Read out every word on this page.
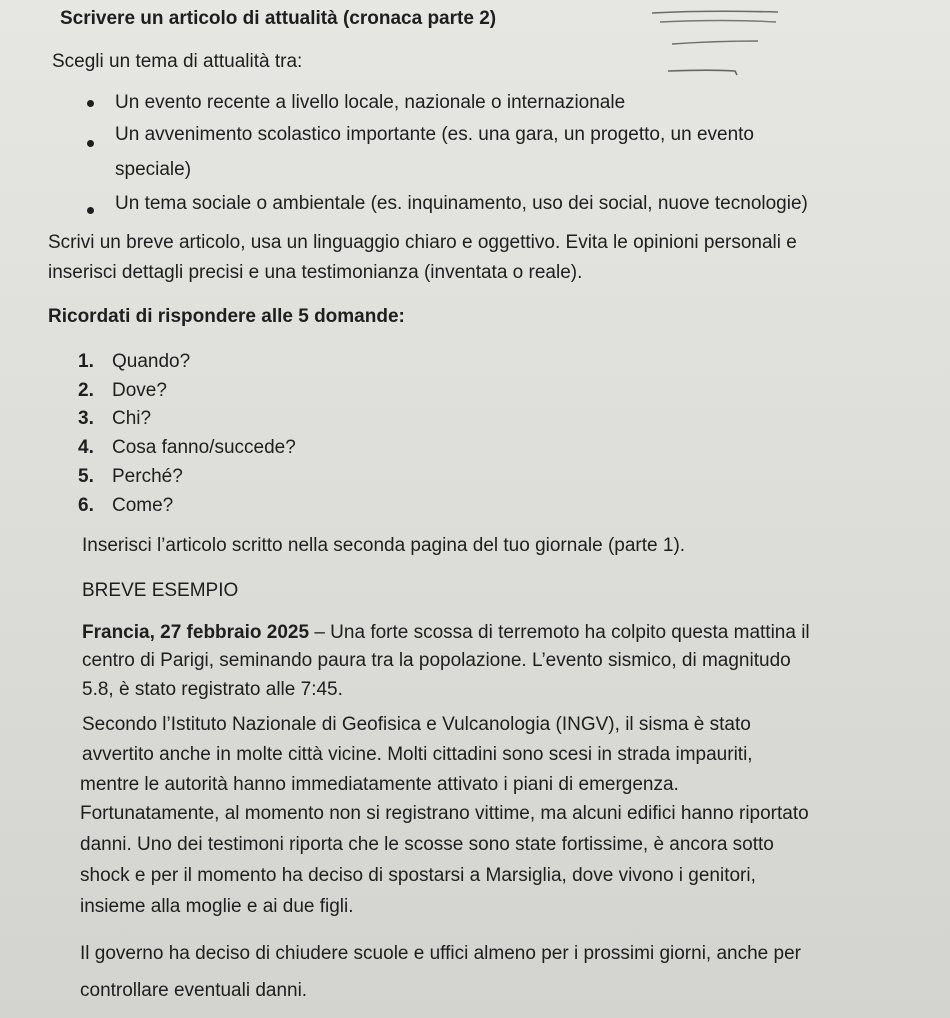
Scrivere un articolo di attualità (cronaca parte 2)
Scegli un tema di attualità tra:
Un evento recente a livello locale, nazionale o internazionale
Un avvenimento scolastico importante (es. una gara, un progetto, un evento
speciale)
Un tema sociale o ambientale (es. inquinamento, uso dei social, nuove tecnologie)
Scrivi un breve articolo, usa un linguaggio chiaro e oggettivo. Evita le opinioni personali e
inserisci dettagli precisi e una testimonianza (inventata o reale).
Ricordati di rispondere alle 5 domande:
1. Quando?
2. Dove?
3. Chi?
4. Cosa fanno/succede?
5. Perché?
6. Come?
Inserisci l’articolo scritto nella seconda pagina del tuo giornale (parte 1).
BREVE ESEMPIO
Francia, 27 febbraio 2025 – Una forte scossa di terremoto ha colpito questa mattina il
centro di Parigi, seminando paura tra la popolazione. L’evento sismico, di magnitudo
5.8, è stato registrato alle 7:45.
Secondo l’Istituto Nazionale di Geofisica e Vulcanologia (INGV), il sisma è stato
avvertito anche in molte città vicine. Molti cittadini sono scesi in strada impauriti,
mentre le autorità hanno immediatamente attivato i piani di emergenza.
Fortunatamente, al momento non si registrano vittime, ma alcuni edifici hanno riportato
danni. Uno dei testimoni riporta che le scosse sono state fortissime, è ancora sotto
shock e per il momento ha deciso di spostarsi a Marsiglia, dove vivono i genitori,
insieme alla moglie e ai due figli.
Il governo ha deciso di chiudere scuole e uffici almeno per i prossimi giorni, anche per
controllare eventuali danni.
